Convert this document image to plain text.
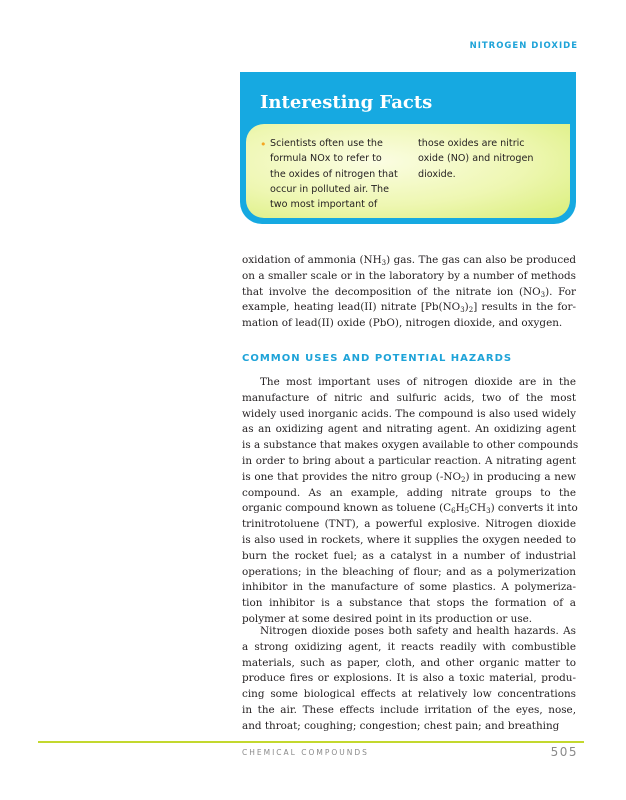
NITROGEN DIOXIDE
Interesting Facts
• Scientists often use the
formula NOx to refer to
the oxides of nitrogen that
occur in polluted air. The
two most important of
those oxides are nitric
oxide (NO) and nitrogen
dioxide.
oxidation of ammonia $(NH_3)$ gas. The gas can also be produced
on a smaller scale or in the laboratory by a number of methods
that involve the decomposition of the nitrate ion $(NO_3)$. For
example, heating lead(II) nitrate $[Pb(NO_3)_2]$ results in the for-
mation of lead(II) oxide (PbO), nitrogen dioxide, and oxygen.
COMMON USES AND POTENTIAL HAZARDS
The most important uses of nitrogen dioxide are in the
manufacture of nitric and sulfuric acids, two of the most
widely used inorganic acids. The compound is also used widely
as an oxidizing agent and nitrating agent. An oxidizing agent
is a substance that makes oxygen available to other compounds
in order to bring about a particular reaction. A nitrating agent
is one that provides the nitro group $(-NO_2)$ in producing a new
compound. As an example, adding nitrate groups to the
organic compound known as toluene $(C_6H_5CH_3)$ converts it into
trinitrotoluene (TNT), a powerful explosive. Nitrogen dioxide
is also used in rockets, where it supplies the oxygen needed to
burn the rocket fuel; as a catalyst in a number of industrial
operations; in the bleaching of flour; and as a polymerization
inhibitor in the manufacture of some plastics. A polymeriza-
tion inhibitor is a substance that stops the formation of a
polymer at some desired point in its production or use.
Nitrogen dioxide poses both safety and health hazards. As
a strong oxidizing agent, it reacts readily with combustible
materials, such as paper, cloth, and other organic matter to
produce fires or explosions. It is also a toxic material, produ-
cing some biological effects at relatively low concentrations
in the air. These effects include irritation of the eyes, nose,
and throat; coughing; congestion; chest pain; and breathing
CHEMICAL COMPOUNDS	505
